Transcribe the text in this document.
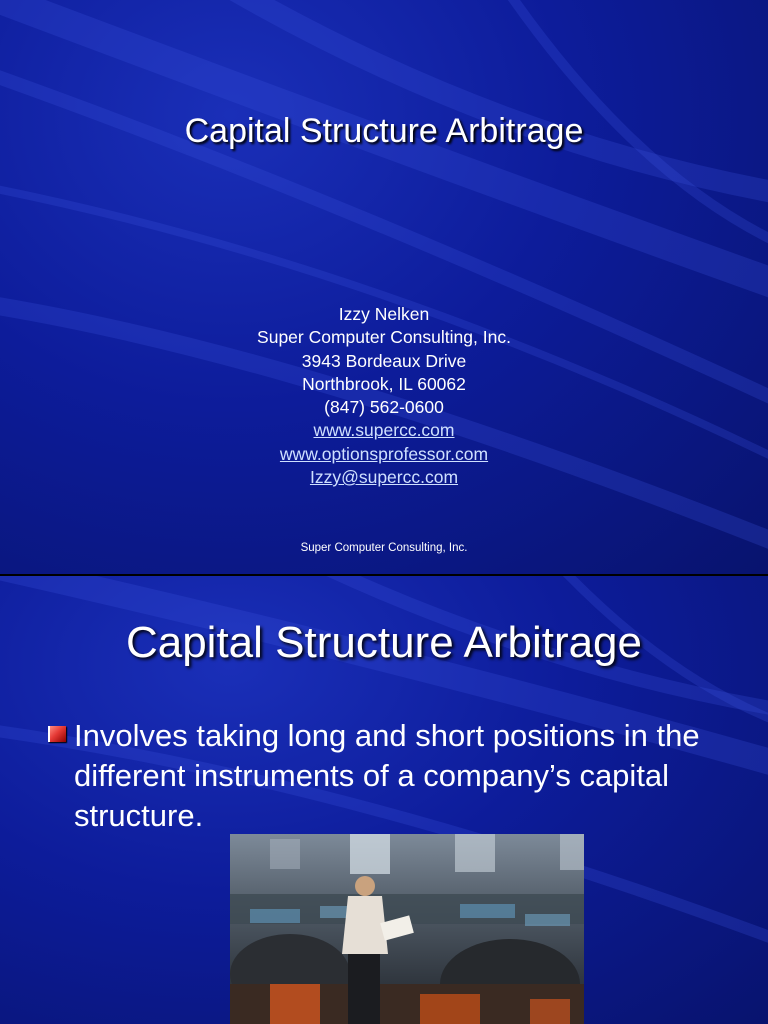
Capital Structure Arbitrage
Izzy Nelken
Super Computer Consulting, Inc.
3943 Bordeaux Drive
Northbrook, IL 60062
(847) 562-0600
www.supercc.com
www.optionsprofessor.com
Izzy@supercc.com
Super Computer Consulting, Inc.
Capital Structure Arbitrage
Involves taking long and short positions in the different instruments of a company’s capital structure.
